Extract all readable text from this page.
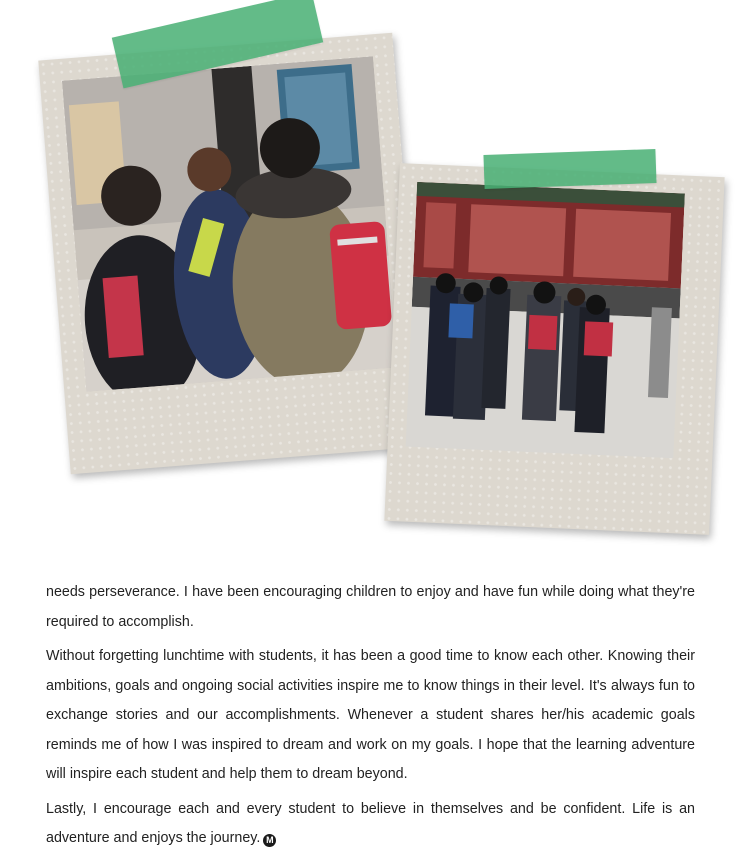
needs perseverance. I have been encouraging children to enjoy and have fun while doing what they're required to accomplish.

Without forgetting lunchtime with students, it has been a good time to know each other. Knowing their ambitions, goals and ongoing social activities inspire me to know things in their level. It's always fun to exchange stories and our accomplishments. Whenever a student shares her/his academic goals reminds me of how I was inspired to dream and work on my goals. I hope that the learning adventure will inspire each student and help them to dream beyond.

Lastly, I encourage each and every student to believe in themselves and be confident. Life is an adventure and enjoys the journey. M
